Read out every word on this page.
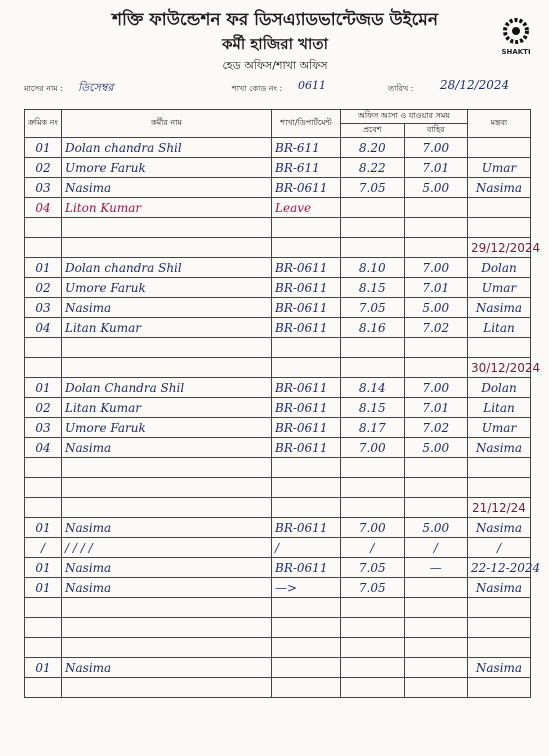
শক্তি ফাউন্ডেশন ফর ডিসএ্যাডভান্টেজড উইমেন
কর্মী হাজিরা খাতা
হেড অফিস/শাখা অফিস
SHAKTI
মাসের নাম : ডিসেম্বর	শাখা কোড নং : 0611	তারিখ : 28/12/2024
ক্রমিক নং	কর্মীর নাম	শাখা/ডিপার্টমেন্ট	অফিস আসা ও যাওয়ার সময়		মন্তব্য
			প্রবেশ	বাহির	
01	Dolan chandra Shil	BR-611	8.20	7.00	
02	Umore Faruk	BR-611	8.22	7.01	Umar
03	Nasima	BR-0611	7.05	5.00	Nasima
04	Liton Kumar	Leave			

					29/12/2024
01	Dolan chandra Shil	BR-0611	8.10	7.00	Dolan
02	Umore Faruk	BR-0611	8.15	7.01	Umar
03	Nasima	BR-0611	7.05	5.00	Nasima
04	Litan Kumar	BR-0611	8.16	7.02	Litan

					30/12/2024
01	Dolan Chandra Shil	BR-0611	8.14	7.00	Dolan
02	Litan Kumar	BR-0611	8.15	7.01	Litan
03	Umore Faruk	BR-0611	8.17	7.02	Umar
04	Nasima	BR-0611	7.00	5.00	Nasima

					21/12/24
01	Nasima	BR-0611	7.00	5.00	Nasima
/	/ / / /	/	/	/	/
01	Nasima	BR-0611	7.05	—	22-12-2024
01	Nasima	—>	7.05		Nasima

01	Nasima				Nasima
